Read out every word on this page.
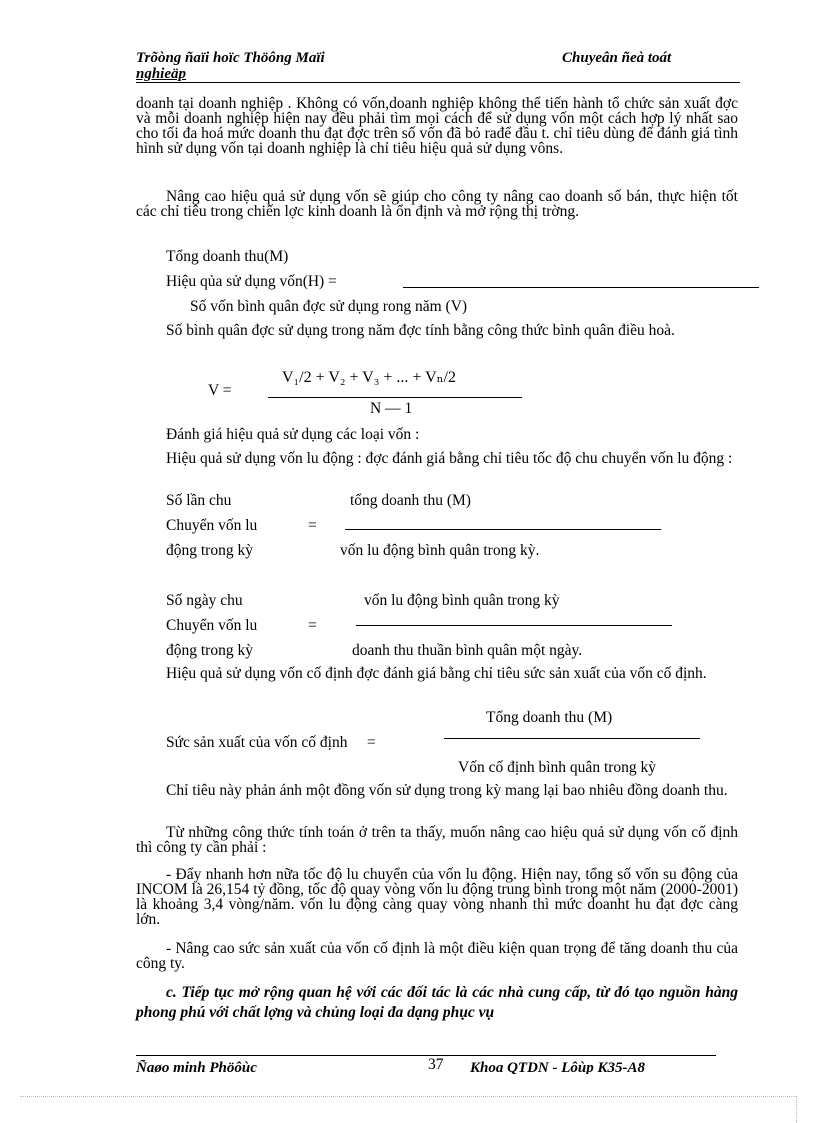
Trõòng ñaïi hoïc Thöông Maïi
nghieäp
Chuyeân ñeà toát
doanh tại doanh nghiệp . Không có vốn,doanh nghiệp không thể tiến hành tổ chức sản xuất đợc và mỗi doanh nghiệp hiện nay đều phải tìm mọi cách để sử dụng vốn một cách hợp lý nhất sao cho tối đa hoá mức doanh thu đạt đợc trên số vốn đã bỏ rađể đầu t. chỉ tiêu dùng để đánh giá tình hình sử dụng vốn tại doanh nghiệp là chỉ tiêu hiệu quả sử dụng vôns.
Nâng cao hiệu quả sử dụng vốn sẽ giúp cho công ty nâng cao doanh số bán, thực hiện tốt các chỉ tiêu trong chiến lợc kinh doanh là ổn định và mở rộng thị trờng.
Tổng doanh thu(M)
Hiệu qủa sử dụng vốn(H) =
Số vốn bình quân đợc sử dụng rong năm (V)
Số bình quân đợc sử dụng trong năm đợc tính bằng công thức bình quân điều hoà.
V₁/2 + V₂ + V₃ + ... + Vₙ/2
V =
N — 1
Đánh giá hiệu quả sử dụng các loại vốn :
Hiệu quả sử dụng vốn lu động : đợc đánh giá bằng chỉ tiêu tốc độ chu chuyển vốn lu động :
Số lần chu	tổng doanh thu (M)
Chuyển vốn lu	=
động trong kỳ	vốn lu động bình quân trong kỳ.
Số ngày chu	vốn lu động bình quân trong kỳ
Chuyển vốn lu	=
động trong kỳ	doanh thu thuần bình quân một ngày.
Hiệu quả sử dụng vốn cố định đợc đánh giá bằng chỉ tiêu sức sản xuất của vốn cố định.
Tổng doanh thu (M)
Sức sản xuất của vốn cố định     =
Vốn cố định bình quân trong kỳ
Chỉ tiêu này phản ánh một đồng vốn sử dụng trong kỳ mang lại bao nhiêu đồng doanh thu.
Từ những công thức tính toán ở trên ta thấy, muốn nâng cao hiệu quả sử dụng vốn cố định thì công ty cần phải :
- Đẩy nhanh hơn nữa tốc độ lu chuyển của vốn lu động. Hiện nay, tổng số vốn su động của INCOM là 26,154 tỷ đồng, tốc độ quay vòng vốn lu động trung bình trong một năm (2000-2001) là khoảng 3,4 vòng/năm. vốn lu động càng quay vòng nhanh thì mức doanht hu đạt đợc càng lớn.
- Nâng cao sức sản xuất của vốn cố định là một điều kiện quan trọng để tăng doanh thu của công ty.
c. Tiếp tục mở rộng quan hệ với các đối tác là các nhà cung cấp, từ đó tạo nguồn hàng phong phú với chất lợng và chủng loại đa dạng phục vụ
Ñaøo minh Phöôùc	37 Khoa QTDN - Lôùp K35-A8
